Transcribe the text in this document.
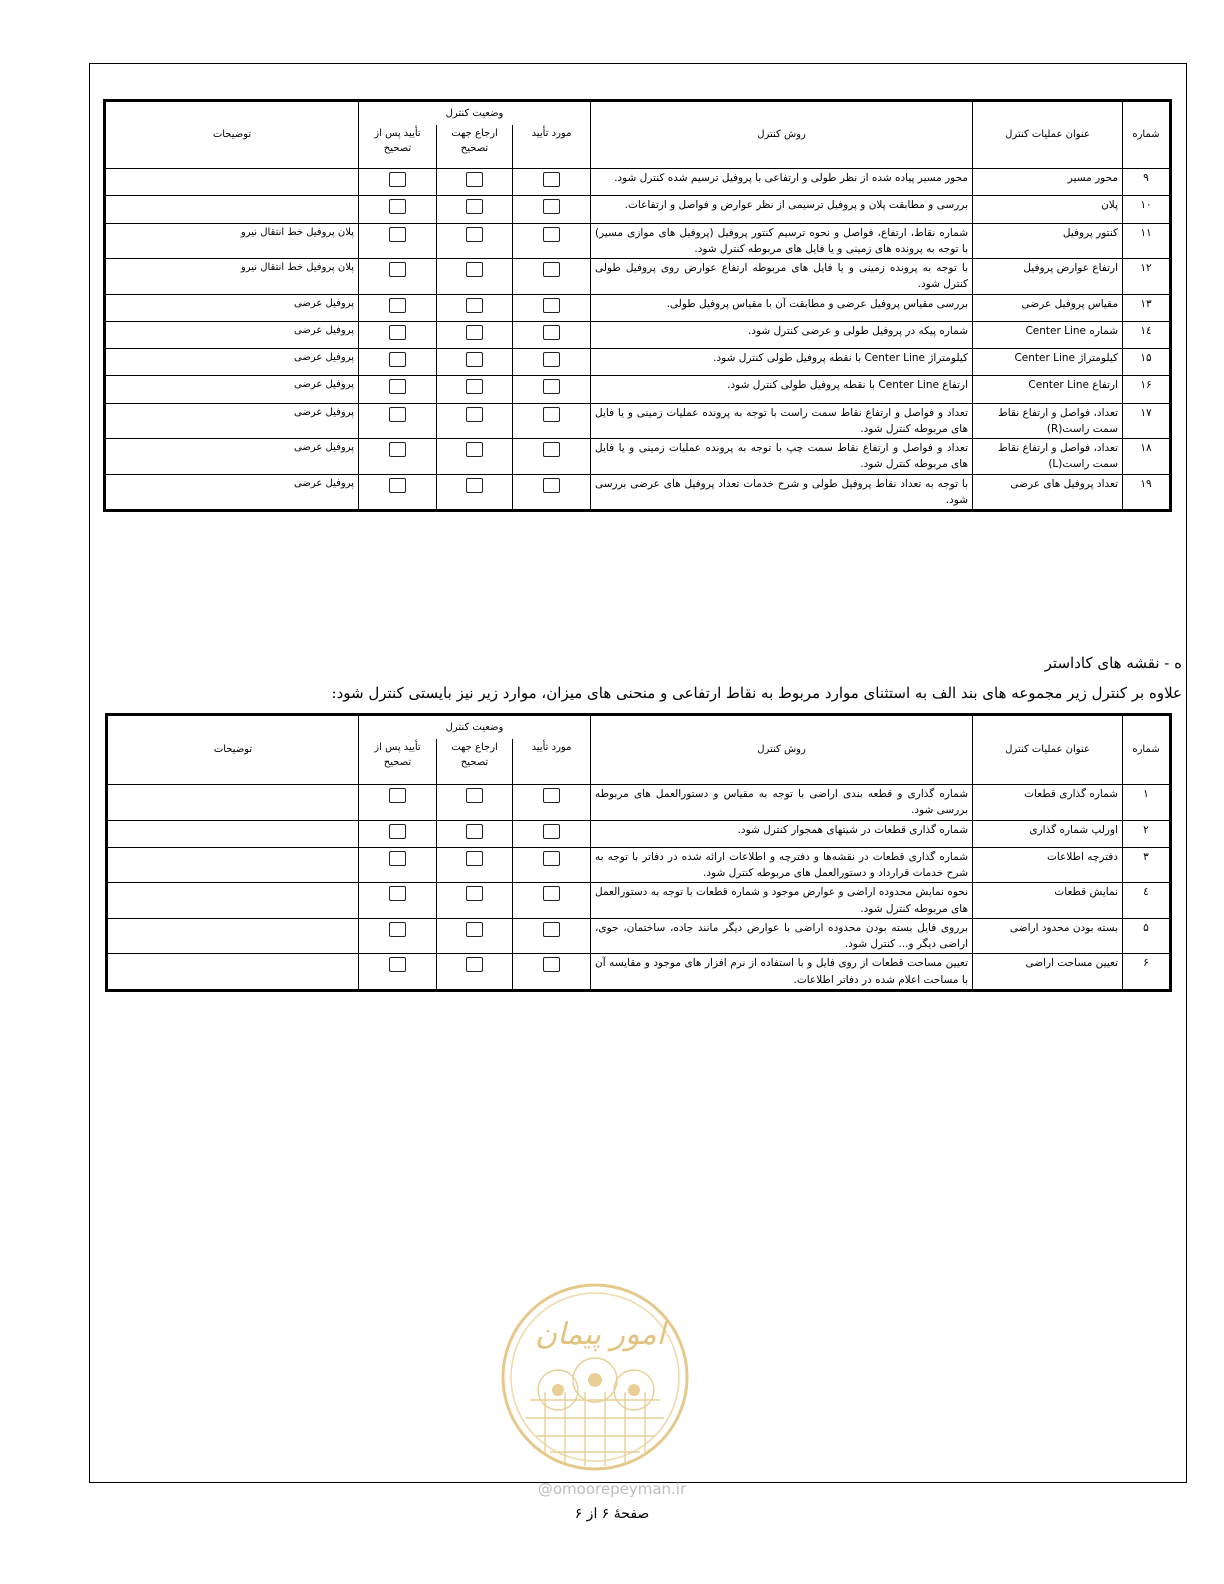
شماره	عنوان عملیات کنترل	روش کنترل	وضعیت کنترل			توضیحات
			مورد تأیید	ارجاع جهت تصحیح	تأیید پس از تصحیح	
۹	محور مسیر	محور مسیر پیاده شده از نظر طولی و ارتفاعی با پروفیل ترسیم شده کنترل شود.				
۱۰	پلان	بررسی و مطابقت پلان و پروفیل ترسیمی از نظر عوارض و فواصل و ارتفاعات.				
۱۱	کنتور پروفیل	شماره نقاط، ارتفاع، فواصل و نحوه ترسیم کنتور پروفیل (پروفیل های موازی مسیر) با توجه به پرونده های زمینی و یا فایل های مربوطه کنترل شود.				پلان پروفیل خط انتقال نیرو
۱۲	ارتفاع عوارض پروفیل	با توجه به پرونده زمینی و یا فایل های مربوطه ارتفاع عوارض روی پروفیل طولی کنترل شود.				پلان پروفیل خط انتقال نیرو
۱۳	مقیاس پروفیل عرضی	بررسی مقیاس پروفیل عرضی و مطابقت آن با مقیاس پروفیل طولی.				پروفیل عرضی
۱٤	شماره Center Line	شماره پیکه در پروفیل طولی و عرضی کنترل شود.				پروفیل عرضی
۱۵	کیلومتراژ Center Line	کیلومتراژ Center Line با نقطه پروفیل طولی کنترل شود.				پروفیل عرضی
۱۶	ارتفاع Center Line	ارتفاع Center Line با نقطه پروفیل طولی کنترل شود.				پروفیل عرضی
۱۷	تعداد، فواصل و ارتفاع نقاط سمت راست(R)	تعداد و فواصل و ارتفاع نقاط سمت راست با توجه به پرونده عملیات زمینی و یا فایل های مربوطه کنترل شود.				پروفیل عرضی
۱۸	تعداد، فواصل و ارتفاع نقاط سمت راست(L)	تعداد و فواصل و ارتفاع نقاط سمت چپ با توجه به پرونده عملیات زمینی و یا فایل های مربوطه کنترل شود.				پروفیل عرضی
۱۹	تعداد پروفیل های عرضی	با توجه به تعداد نقاط پروفیل طولی و شرح خدمات تعداد پروفیل های عرضی بررسی شود.				پروفیل عرضی
ه - نقشه های کاداستر
علاوه بر کنترل زیر مجموعه های بند الف به استثنای موارد مربوط به نقاط ارتفاعی و منحنی های میزان، موارد زیر نیز بایستی کنترل شود:
شماره	عنوان عملیات کنترل	روش کنترل	وضعیت کنترل			توضیحات
			مورد تأیید	ارجاع جهت تصحیح	تأیید پس از تصحیح	
۱	شماره گذاری قطعات	شماره گذاری و قطعه بندی اراضی با توجه به مقیاس و دستورالعمل های مربوطه بررسی شود.				
۲	اورلپ شماره گذاری	شماره گذاری قطعات در شیتهای همجوار کنترل شود.				
۳	دفترچه اطلاعات	شماره گذاری قطعات در نقشه‌ها و دفترچه و اطلاعات ارائه شده در دفاتر با توجه به شرح خدمات قرارداد و دستورالعمل های مربوطه کنترل شود.				
٤	نمایش قطعات	نحوه نمایش محدوده اراضی و عوارض موجود و شماره قطعات با توجه به دستورالعمل های مربوطه کنترل شود.				
۵	بسته بودن محدود اراضی	برروی فایل بسته بودن محدوده اراضی با عوارض دیگر مانند جاده، ساختمان، جوی، اراضی دیگر و... کنترل شود.				
۶	تعیین مساحت اراضی	تعیین مساحت قطعات از روی فایل و با استفاده از نرم افزار های موجود و مقایسه آن با مساحت اعلام شده در دفاتر اطلاعات.				
امور پیمان
@omoorepeyman.ir
صفحهٔ ۶ از ۶
